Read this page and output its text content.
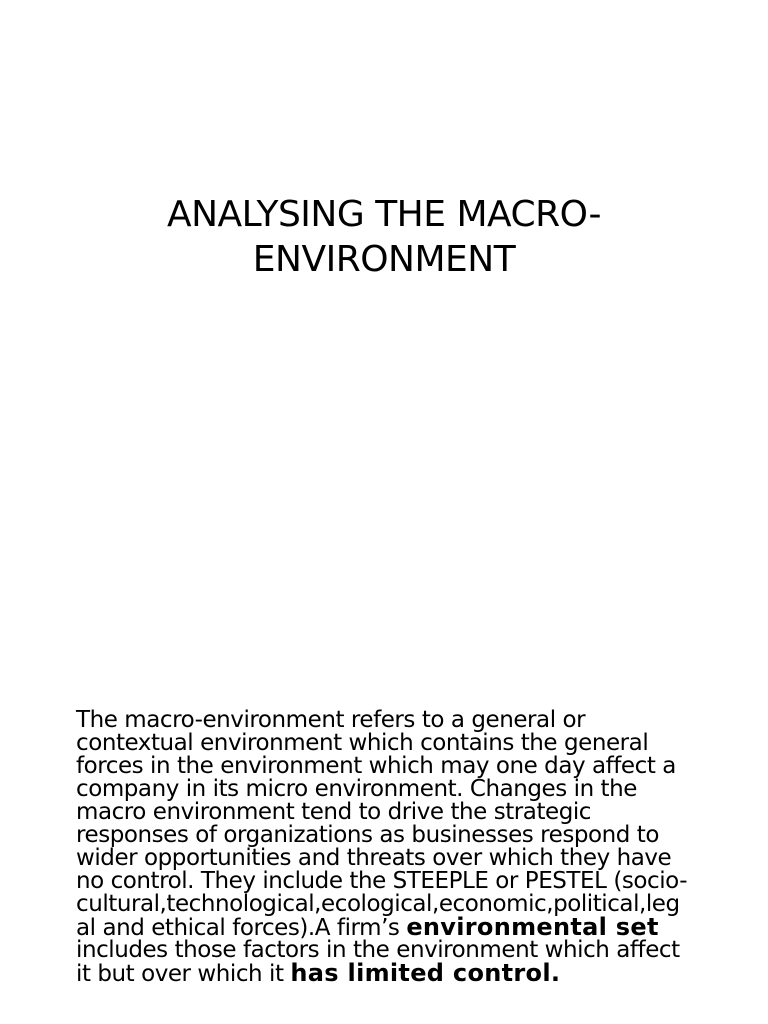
ANALYSING THE MACRO-
ENVIRONMENT
The macro-environment refers to a general or
contextual environment which contains the general
forces in the environment which may one day affect a
company in its micro environment. Changes in the
macro environment tend to drive the strategic
responses of organizations as businesses respond to
wider opportunities and threats over which they have
no control. They include the STEEPLE or PESTEL (socio-
cultural,technological,ecological,economic,political,leg
al and ethical forces).A firm’s environmental set
includes those factors in the environment which affect
it but over which it has limited control.
